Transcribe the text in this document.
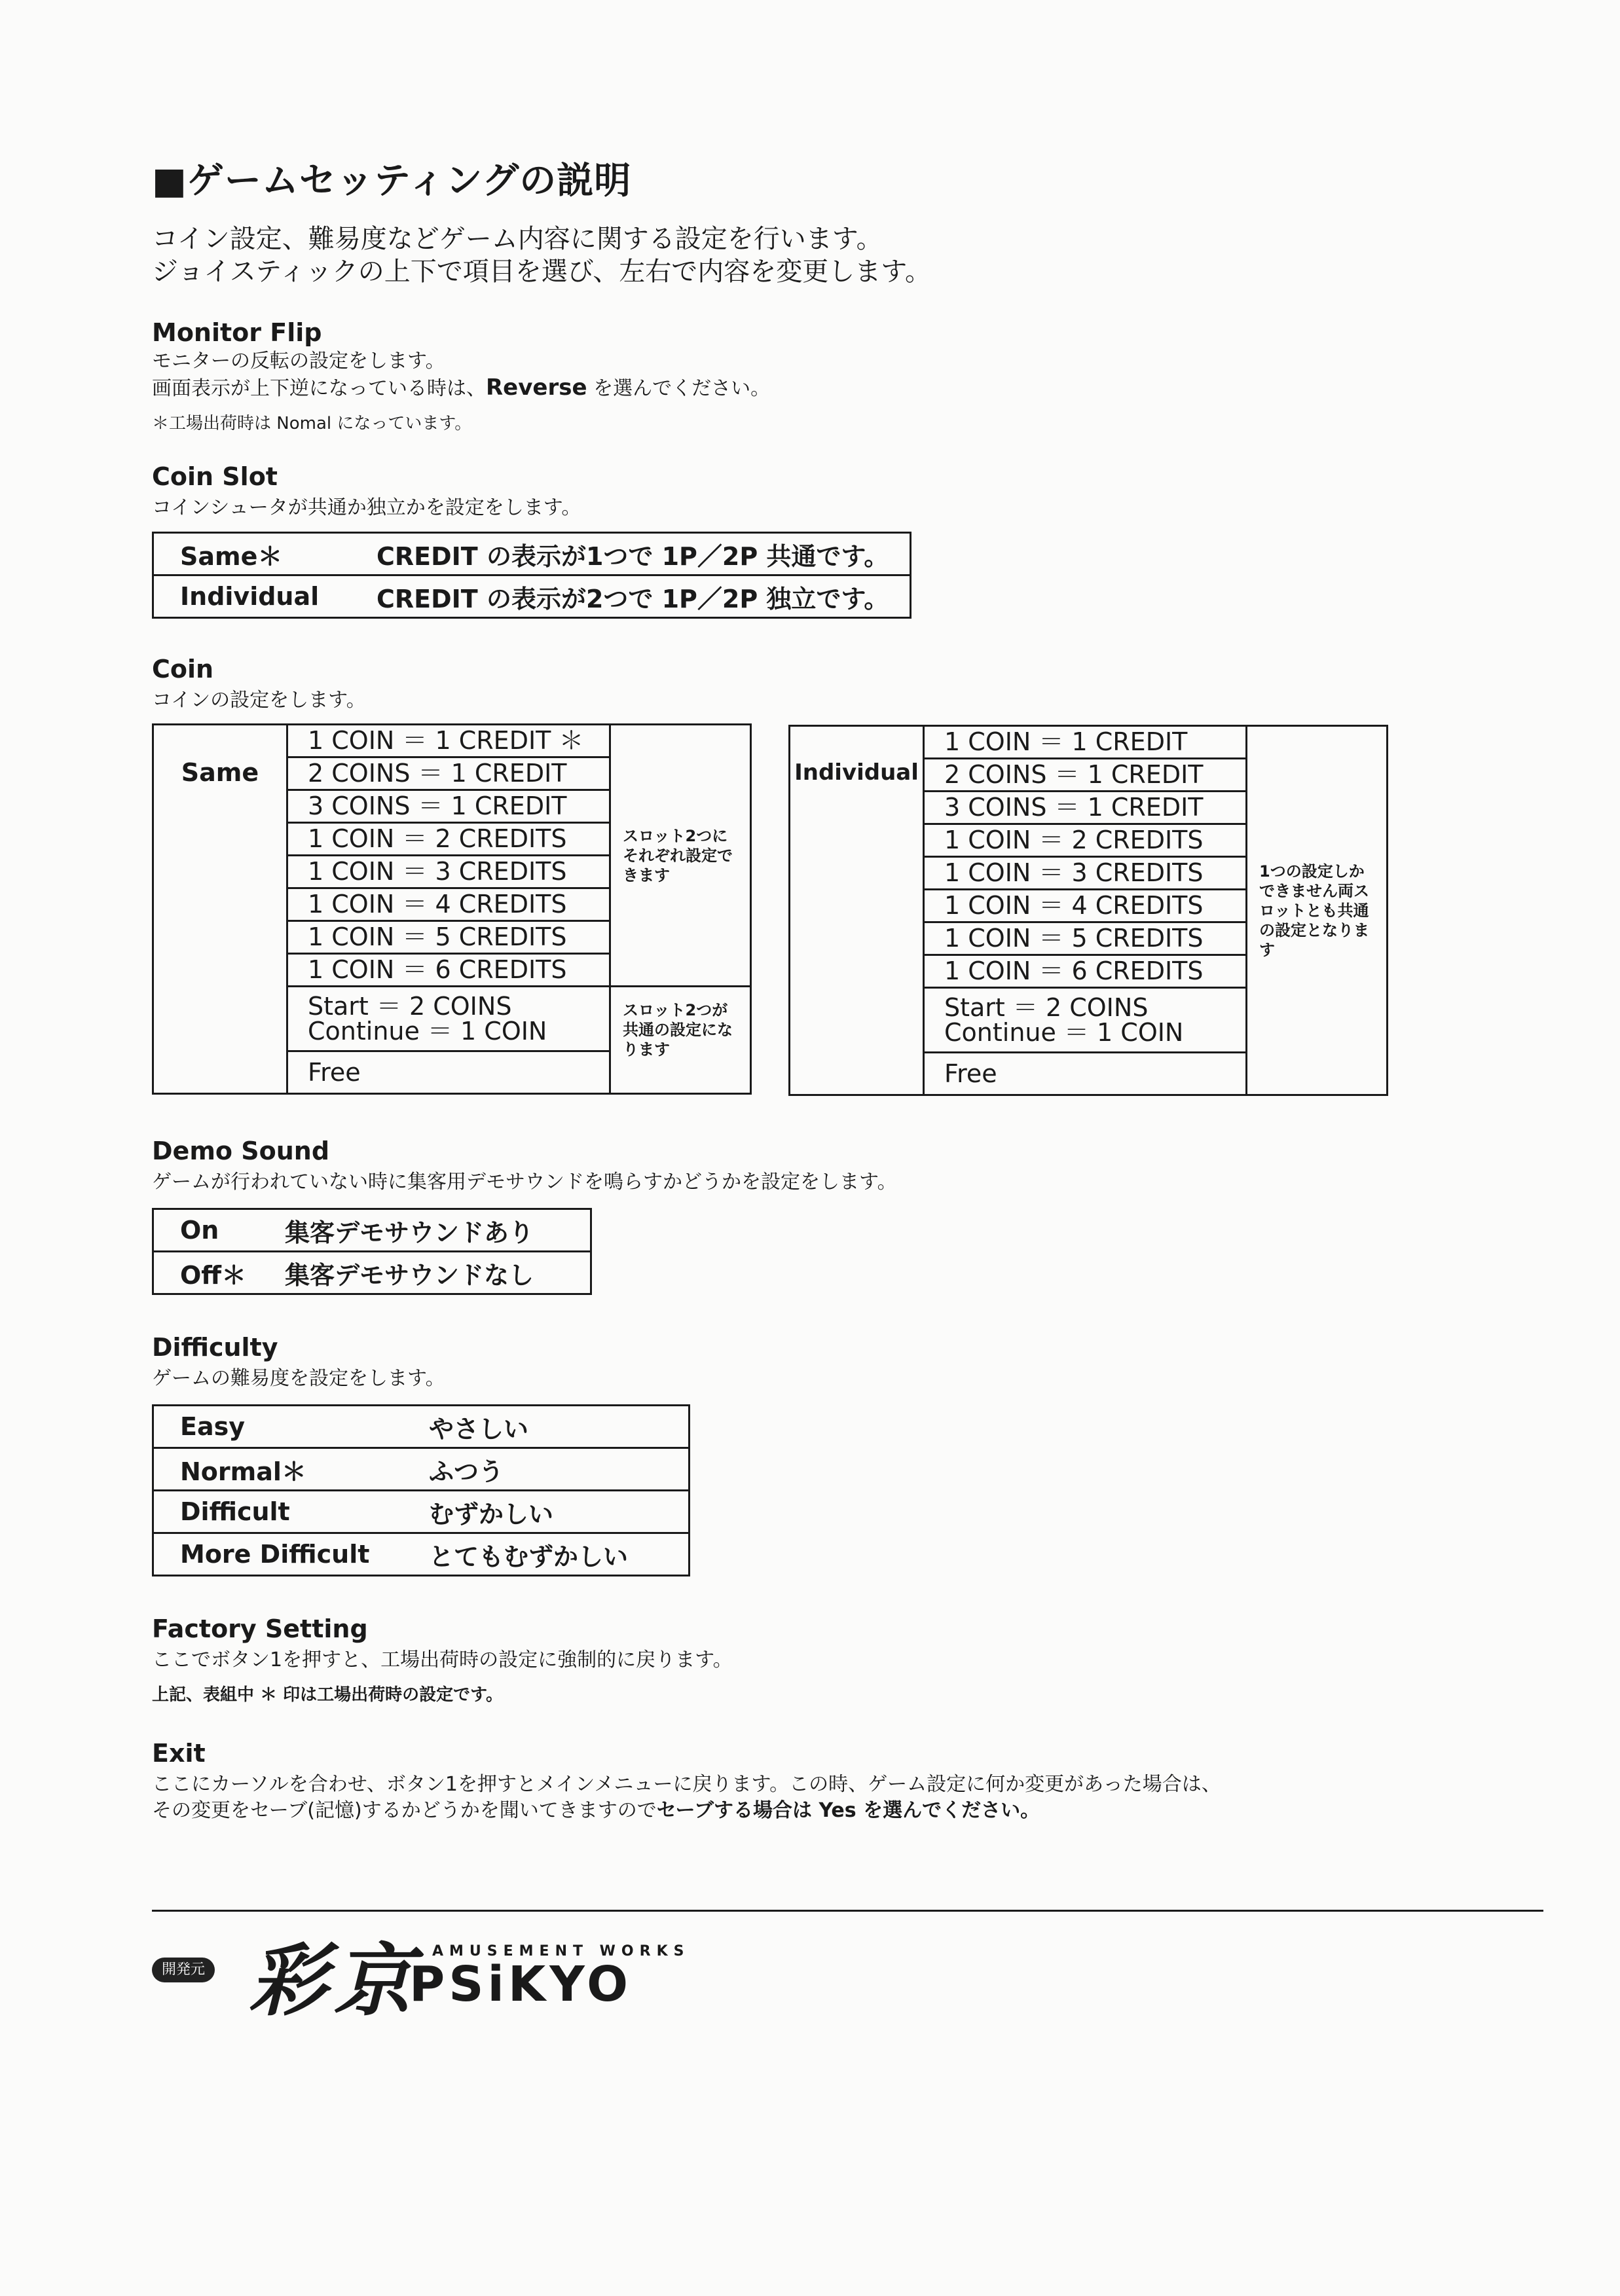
■ゲームセッティングの説明
コイン設定、難易度などゲーム内容に関する設定を行います。
ジョイスティックの上下で項目を選び、左右で内容を変更します。
Monitor Flip
モニターの反転の設定をします。
画面表示が上下逆になっている時は、Reverse を選んでください。
＊工場出荷時は Nomal になっています。
Coin Slot
コインシュータが共通か独立かを設定をします。
Same＊	CREDIT の表示が1つで 1P／2P 共通です。
Individual	CREDIT の表示が2つで 1P／2P 独立です。
Coin
コインの設定をします。
Same	1 COIN ＝ 1 CREDIT ＊	スロット2つにそれぞれ設定できます
	2 COINS ＝ 1 CREDIT	
	3 COINS ＝ 1 CREDIT	
	1 COIN ＝ 2 CREDITS	
	1 COIN ＝ 3 CREDITS	
	1 COIN ＝ 4 CREDITS	
	1 COIN ＝ 5 CREDITS	
	1 COIN ＝ 6 CREDITS	

	Start ＝ 2 COINS
Continue ＝ 1 COIN	スロット2つが共通の設定になります
	Free	
Individual	1 COIN ＝ 1 CREDIT	1つの設定しかできません両スロットとも共通の設定となります
2 COINS ＝ 1 CREDIT
3 COINS ＝ 1 CREDIT
1 COIN ＝ 2 CREDITS
1 COIN ＝ 3 CREDITS
1 COIN ＝ 4 CREDITS
1 COIN ＝ 5 CREDITS
1 COIN ＝ 6 CREDITS

Start ＝ 2 COINS
Continue ＝ 1 COIN

Free
Demo Sound
ゲームが行われていない時に集客用デモサウンドを鳴らすかどうかを設定をします。
On	集客デモサウンドあり
Off＊	集客デモサウンドなし
Difficulty
ゲームの難易度を設定をします。
Easy	やさしい
Normal＊	ふつう
Difficult	むずかしい
More Difficult	とてもむずかしい
Factory Setting
ここでボタン1を押すと、工場出荷時の設定に強制的に戻ります。
上記、表組中 ＊ 印は工場出荷時の設定です。
Exit
ここにカーソルを合わせ、ボタン1を押すとメインメニューに戻ります。この時、ゲーム設定に何か変更があった場合は、
その変更をセーブ(記憶)するかどうかを聞いてきますのでセーブする場合は Yes を選んでください。
開発元 彩京 AMUSEMENT WORKS
PSiKYO
